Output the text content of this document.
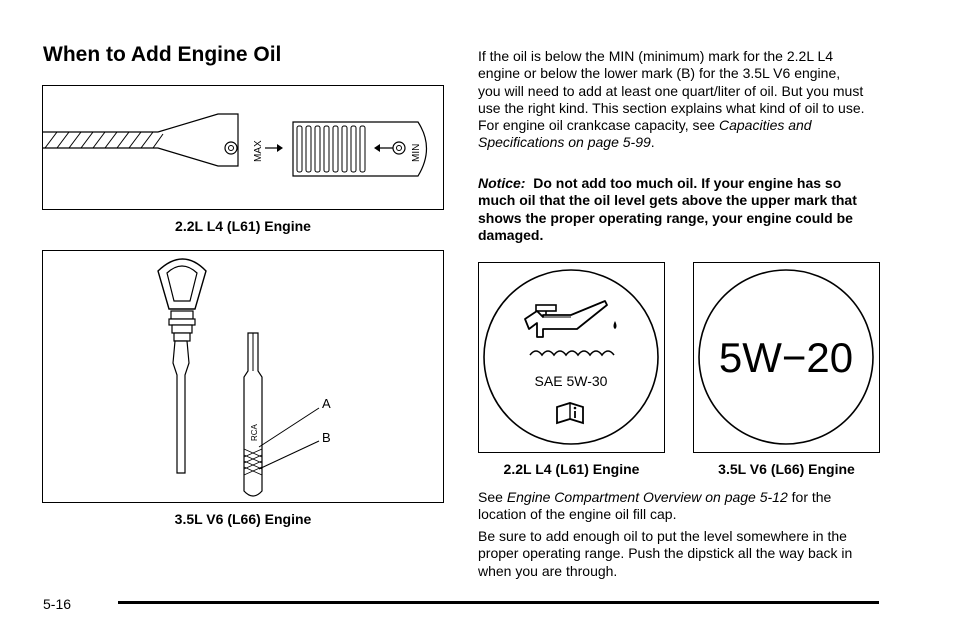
When to Add Engine Oil
MAX	MIN
2.2L L4 (L61) Engine
RCA
A
B
3.5L V6 (L66) Engine

If the oil is below the MIN (minimum) mark for the 2.2L L4 engine or below the lower mark (B) for the 3.5L V6 engine, you will need to add at least one quart/liter of oil. But you must use the right kind. This section explains what kind of oil to use. For engine oil crankcase capacity, see Capacities and Specifications on page 5-99.

Notice: Do not add too much oil. If your engine has so much oil that the oil level gets above the upper mark that shows the proper operating range, your engine could be damaged.

SAE 5W-30
2.2L L4 (L61) Engine
5W−20
3.5L V6 (L66) Engine

See Engine Compartment Overview on page 5-12 for the location of the engine oil fill cap.

Be sure to add enough oil to put the level somewhere in the proper operating range. Push the dipstick all the way back in when you are through.

5-16
